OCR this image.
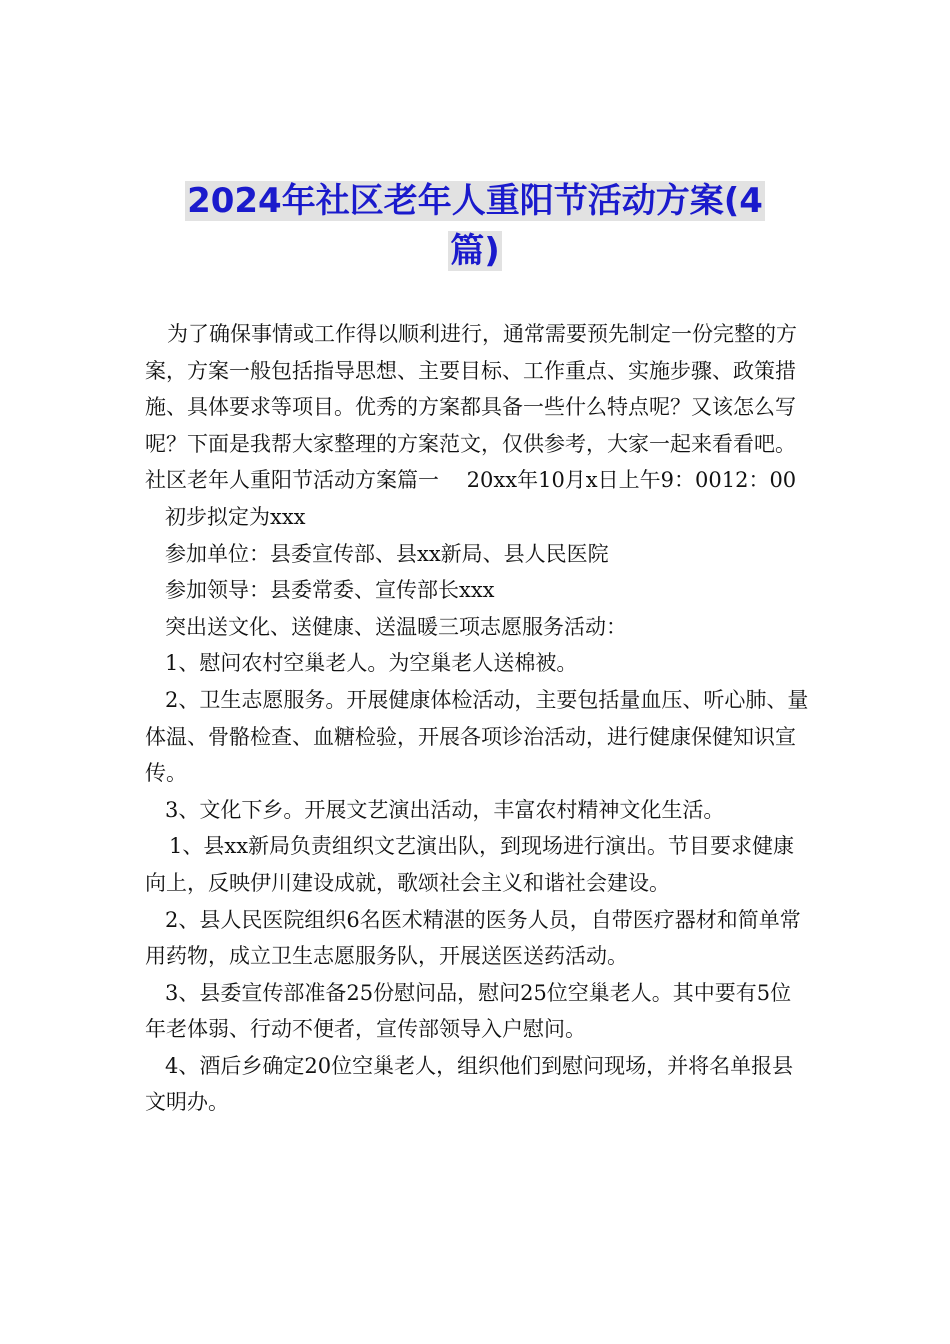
2024年社区老年人重阳节活动方案(4
篇)

为了确保事情或工作得以顺利进行，通常需要预先制定一份完整的方案，方案一般包括指导思想、主要目标、工作重点、实施步骤、政策措施、具体要求等项目。优秀的方案都具备一些什么特点呢？又该怎么写呢？下面是我帮大家整理的方案范文，仅供参考，大家一起来看看吧。

社区老年人重阳节活动方案篇一　 20xx年10月x日上午9：0012：00

初步拟定为xxx

参加单位：县委宣传部、县xx新局、县人民医院

参加领导：县委常委、宣传部长xxx

突出送文化、送健康、送温暖三项志愿服务活动：

1、慰问农村空巢老人。为空巢老人送棉被。

2、卫生志愿服务。开展健康体检活动，主要包括量血压、听心肺、量体温、骨骼检查、血糖检验，开展各项诊治活动，进行健康保健知识宣传。

3、文化下乡。开展文艺演出活动，丰富农村精神文化生活。

1、县xx新局负责组织文艺演出队，到现场进行演出。节目要求健康向上，反映伊川建设成就，歌颂社会主义和谐社会建设。

2、县人民医院组织6名医术精湛的医务人员，自带医疗器材和简单常用药物，成立卫生志愿服务队，开展送医送药活动。

3、县委宣传部准备25份慰问品，慰问25位空巢老人。其中要有5位年老体弱、行动不便者，宣传部领导入户慰问。

4、酒后乡确定20位空巢老人，组织他们到慰问现场，并将名单报县文明办。
